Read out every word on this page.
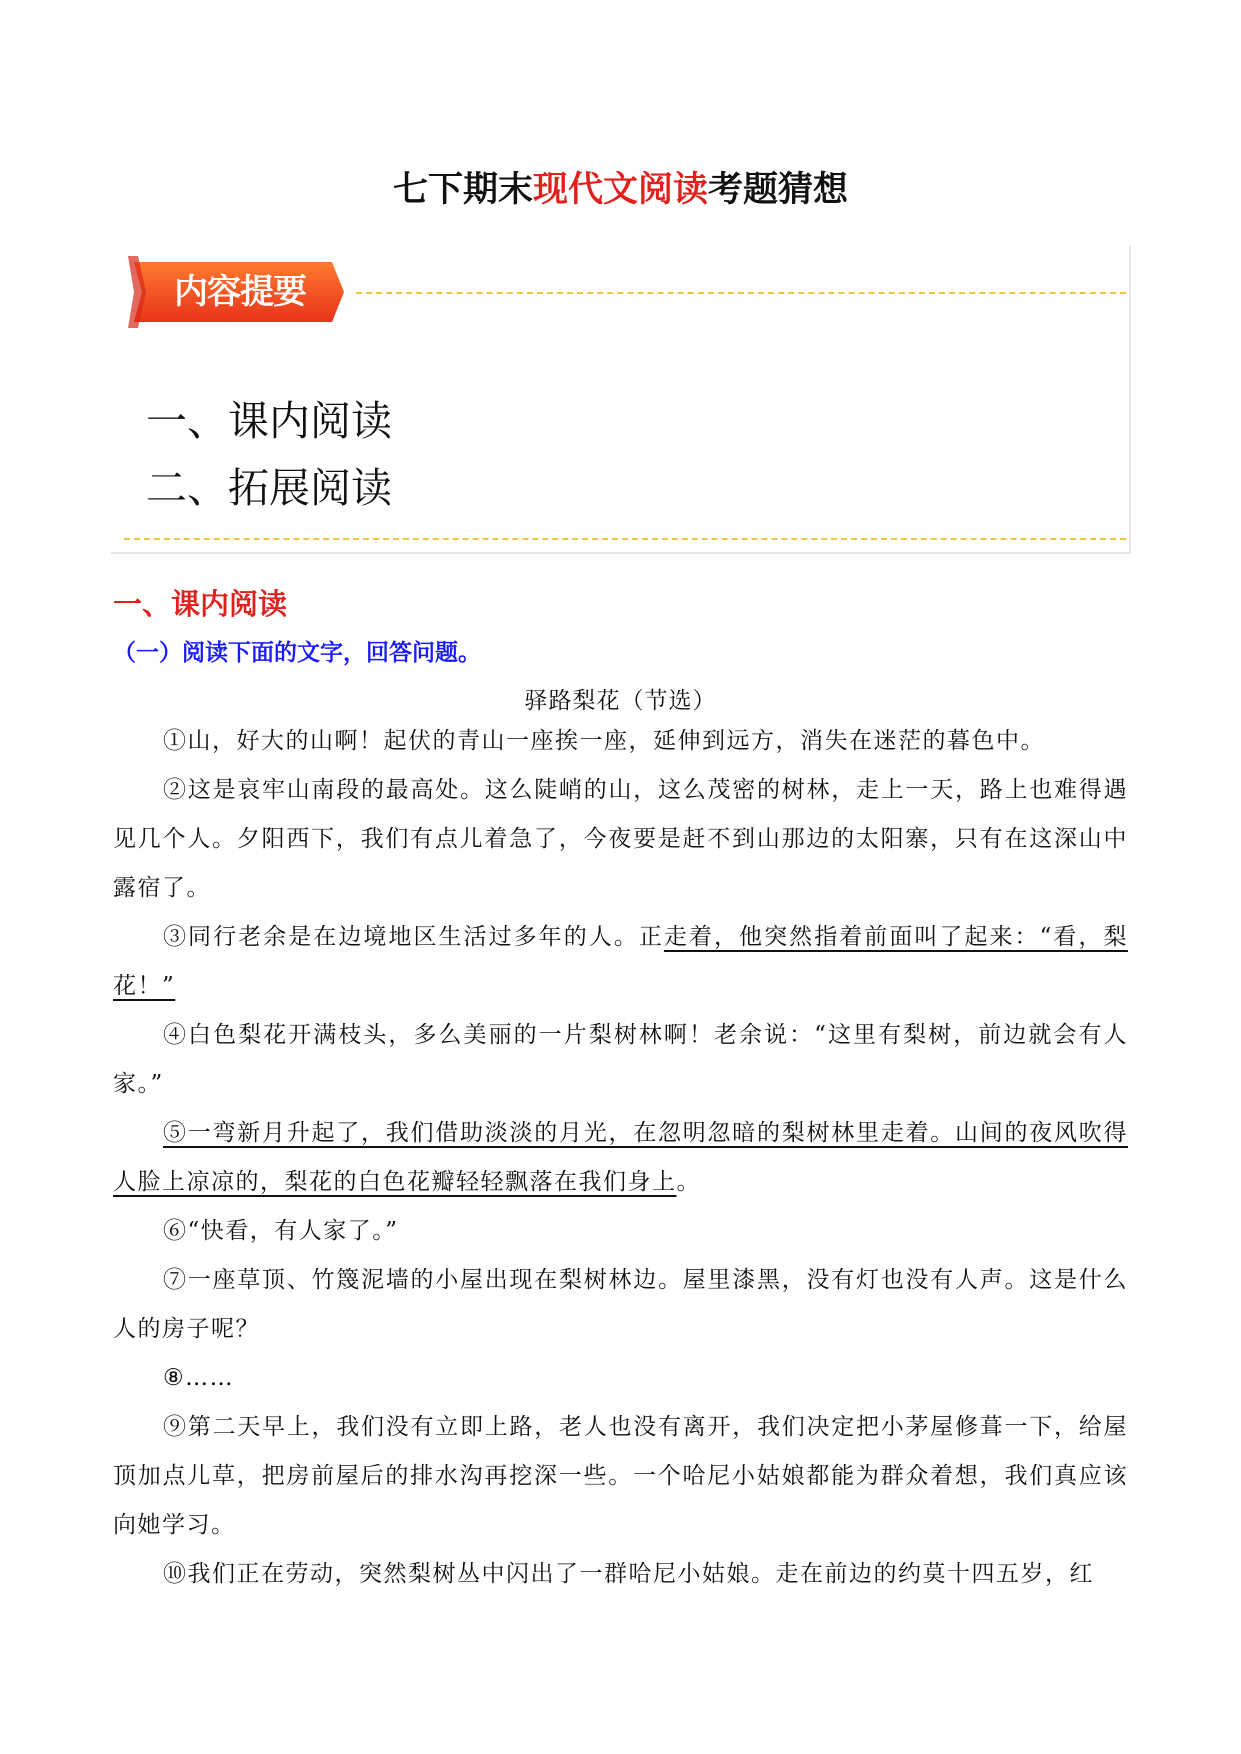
七下期末现代文阅读考题猜想
内容提要
一、课内阅读
二、拓展阅读
一、课内阅读
（一）阅读下面的文字，回答问题。
驿路梨花（节选）

①山，好大的山啊！起伏的青山一座挨一座，延伸到远方，消失在迷茫的暮色中。

②这是哀牢山南段的最高处。这么陡峭的山，这么茂密的树林，走上一天，路上也难得遇见几个人。夕阳西下，我们有点儿着急了，今夜要是赶不到山那边的太阳寨，只有在这深山中露宿了。

③同行老余是在边境地区生活过多年的人。正走着，他突然指着前面叫了起来：“看，梨花！”

④白色梨花开满枝头，多么美丽的一片梨树林啊！老余说：“这里有梨树，前边就会有人家。”

⑤一弯新月升起了，我们借助淡淡的月光，在忽明忽暗的梨树林里走着。山间的夜风吹得人脸上凉凉的，梨花的白色花瓣轻轻飘落在我们身上。

⑥“快看，有人家了。”

⑦一座草顶、竹篾泥墙的小屋出现在梨树林边。屋里漆黑，没有灯也没有人声。这是什么人的房子呢？

⑧……

⑨第二天早上，我们没有立即上路，老人也没有离开，我们决定把小茅屋修葺一下，给屋顶加点儿草，把房前屋后的排水沟再挖深一些。一个哈尼小姑娘都能为群众着想，我们真应该向她学习。

⑩我们正在劳动，突然梨树丛中闪出了一群哈尼小姑娘。走在前边的约莫十四五岁，红
